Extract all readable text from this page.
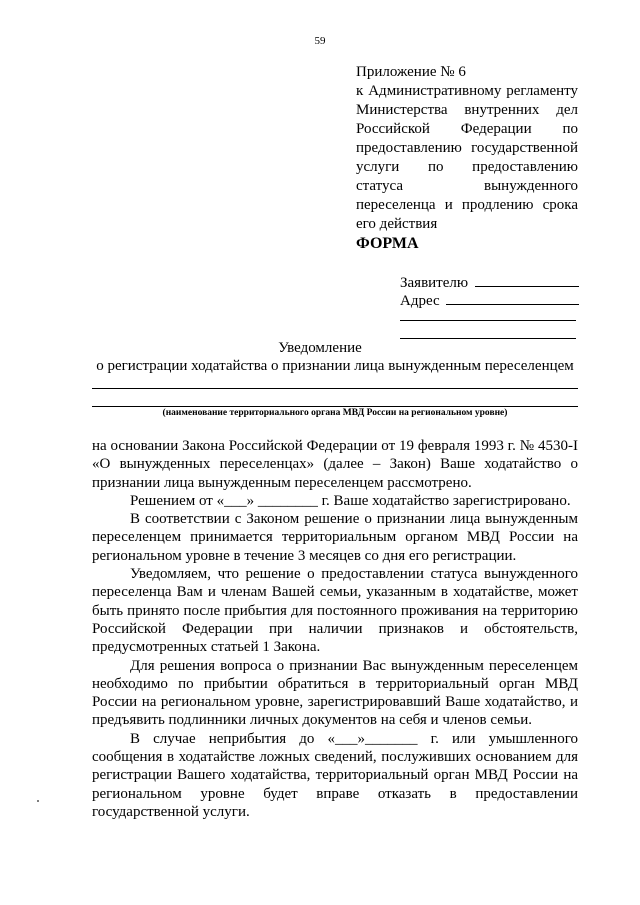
59
Приложение № 6
к Административному регламенту
Министерства внутренних дел
Российской Федерации по
предоставлению государственной
услуги по предоставлению
статуса вынужденного
переселенца и продлению срока
его действия
ФОРМА
Заявителю
Адрес
Уведомление
о регистрации ходатайства о признании лица вынужденным переселенцем
(наименование территориального органа МВД России на региональном уровне)

на основании Закона Российской Федерации от 19 февраля 1993 г. № 4530-I «О вынужденных переселенцах» (далее – Закон) Ваше ходатайство о признании лица вынужденным переселенцем рассмотрено.

Решением от «___» ________ г. Ваше ходатайство зарегистрировано.

В соответствии с Законом решение о признании лица вынужденным переселенцем принимается территориальным органом МВД России на региональном уровне в течение 3 месяцев со дня его регистрации.

Уведомляем, что решение о предоставлении статуса вынужденного переселенца Вам и членам Вашей семьи, указанным в ходатайстве, может быть принято после прибытия для постоянного проживания на территорию Российской Федерации при наличии признаков и обстоятельств, предусмотренных статьей 1 Закона.

Для решения вопроса о признании Вас вынужденным переселенцем необходимо по прибытии обратиться в территориальный орган МВД России на региональном уровне, зарегистрировавший Ваше ходатайство, и предъявить подлинники личных документов на себя и членов семьи.

В случае неприбытия до «___»_______ г. или умышленного сообщения в ходатайстве ложных сведений, послуживших основанием для регистрации Вашего ходатайства, территориальный орган МВД России на региональном уровне будет вправе отказать в предоставлении государственной услуги.
